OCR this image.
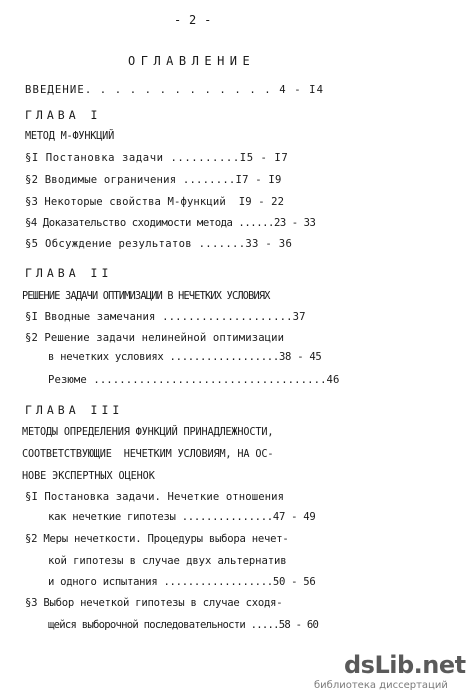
- 2 -
ОГЛАВЛЕНИЕ
ВВЕДЕНИЕ. . . . . . . . . . . . . 4 - I4
ГЛАВА I
МЕТОД М-ФУНКЦИЙ
§I Постановка задачи ..........I5 - I7
§2 Вводимые ограничения ........I7 - I9
§3 Некоторые свойства М-функций  I9 - 22
§4 Доказательство сходимости метода ......23 - 33
§5 Обсуждение результатов .......33 - 36
ГЛАВА II
РЕШЕНИЕ ЗАДАЧИ ОПТИМИЗАЦИИ В НЕЧЕТКИХ УСЛОВИЯХ
§I Вводные замечания ....................37
§2 Решение задачи нелинейной оптимизации
в нечетких условиях ..................38 - 45
Резюме ....................................46
ГЛАВА III
МЕТОДЫ ОПРЕДЕЛЕНИЯ ФУНКЦИЙ ПРИНАДЛЕЖНОСТИ,
СООТВЕТСТВУЮЩИЕ  НЕЧЕТКИМ УСЛОВИЯМ, НА ОС-
НОВЕ ЭКСПЕРТНЫХ ОЦЕНОК
§I Постановка задачи. Нечеткие отношения
как нечеткие гипотезы ...............47 - 49
§2 Меры нечеткости. Процедуры выбора нечет-
кой гипотезы в случае двух альтернатив
и одного испытания ..................50 - 56
§3 Выбор нечеткой гипотезы в случае сходя-
щейся выборочной последовательности .....58 - 60
dsLib.net
библиотека диссертаций
